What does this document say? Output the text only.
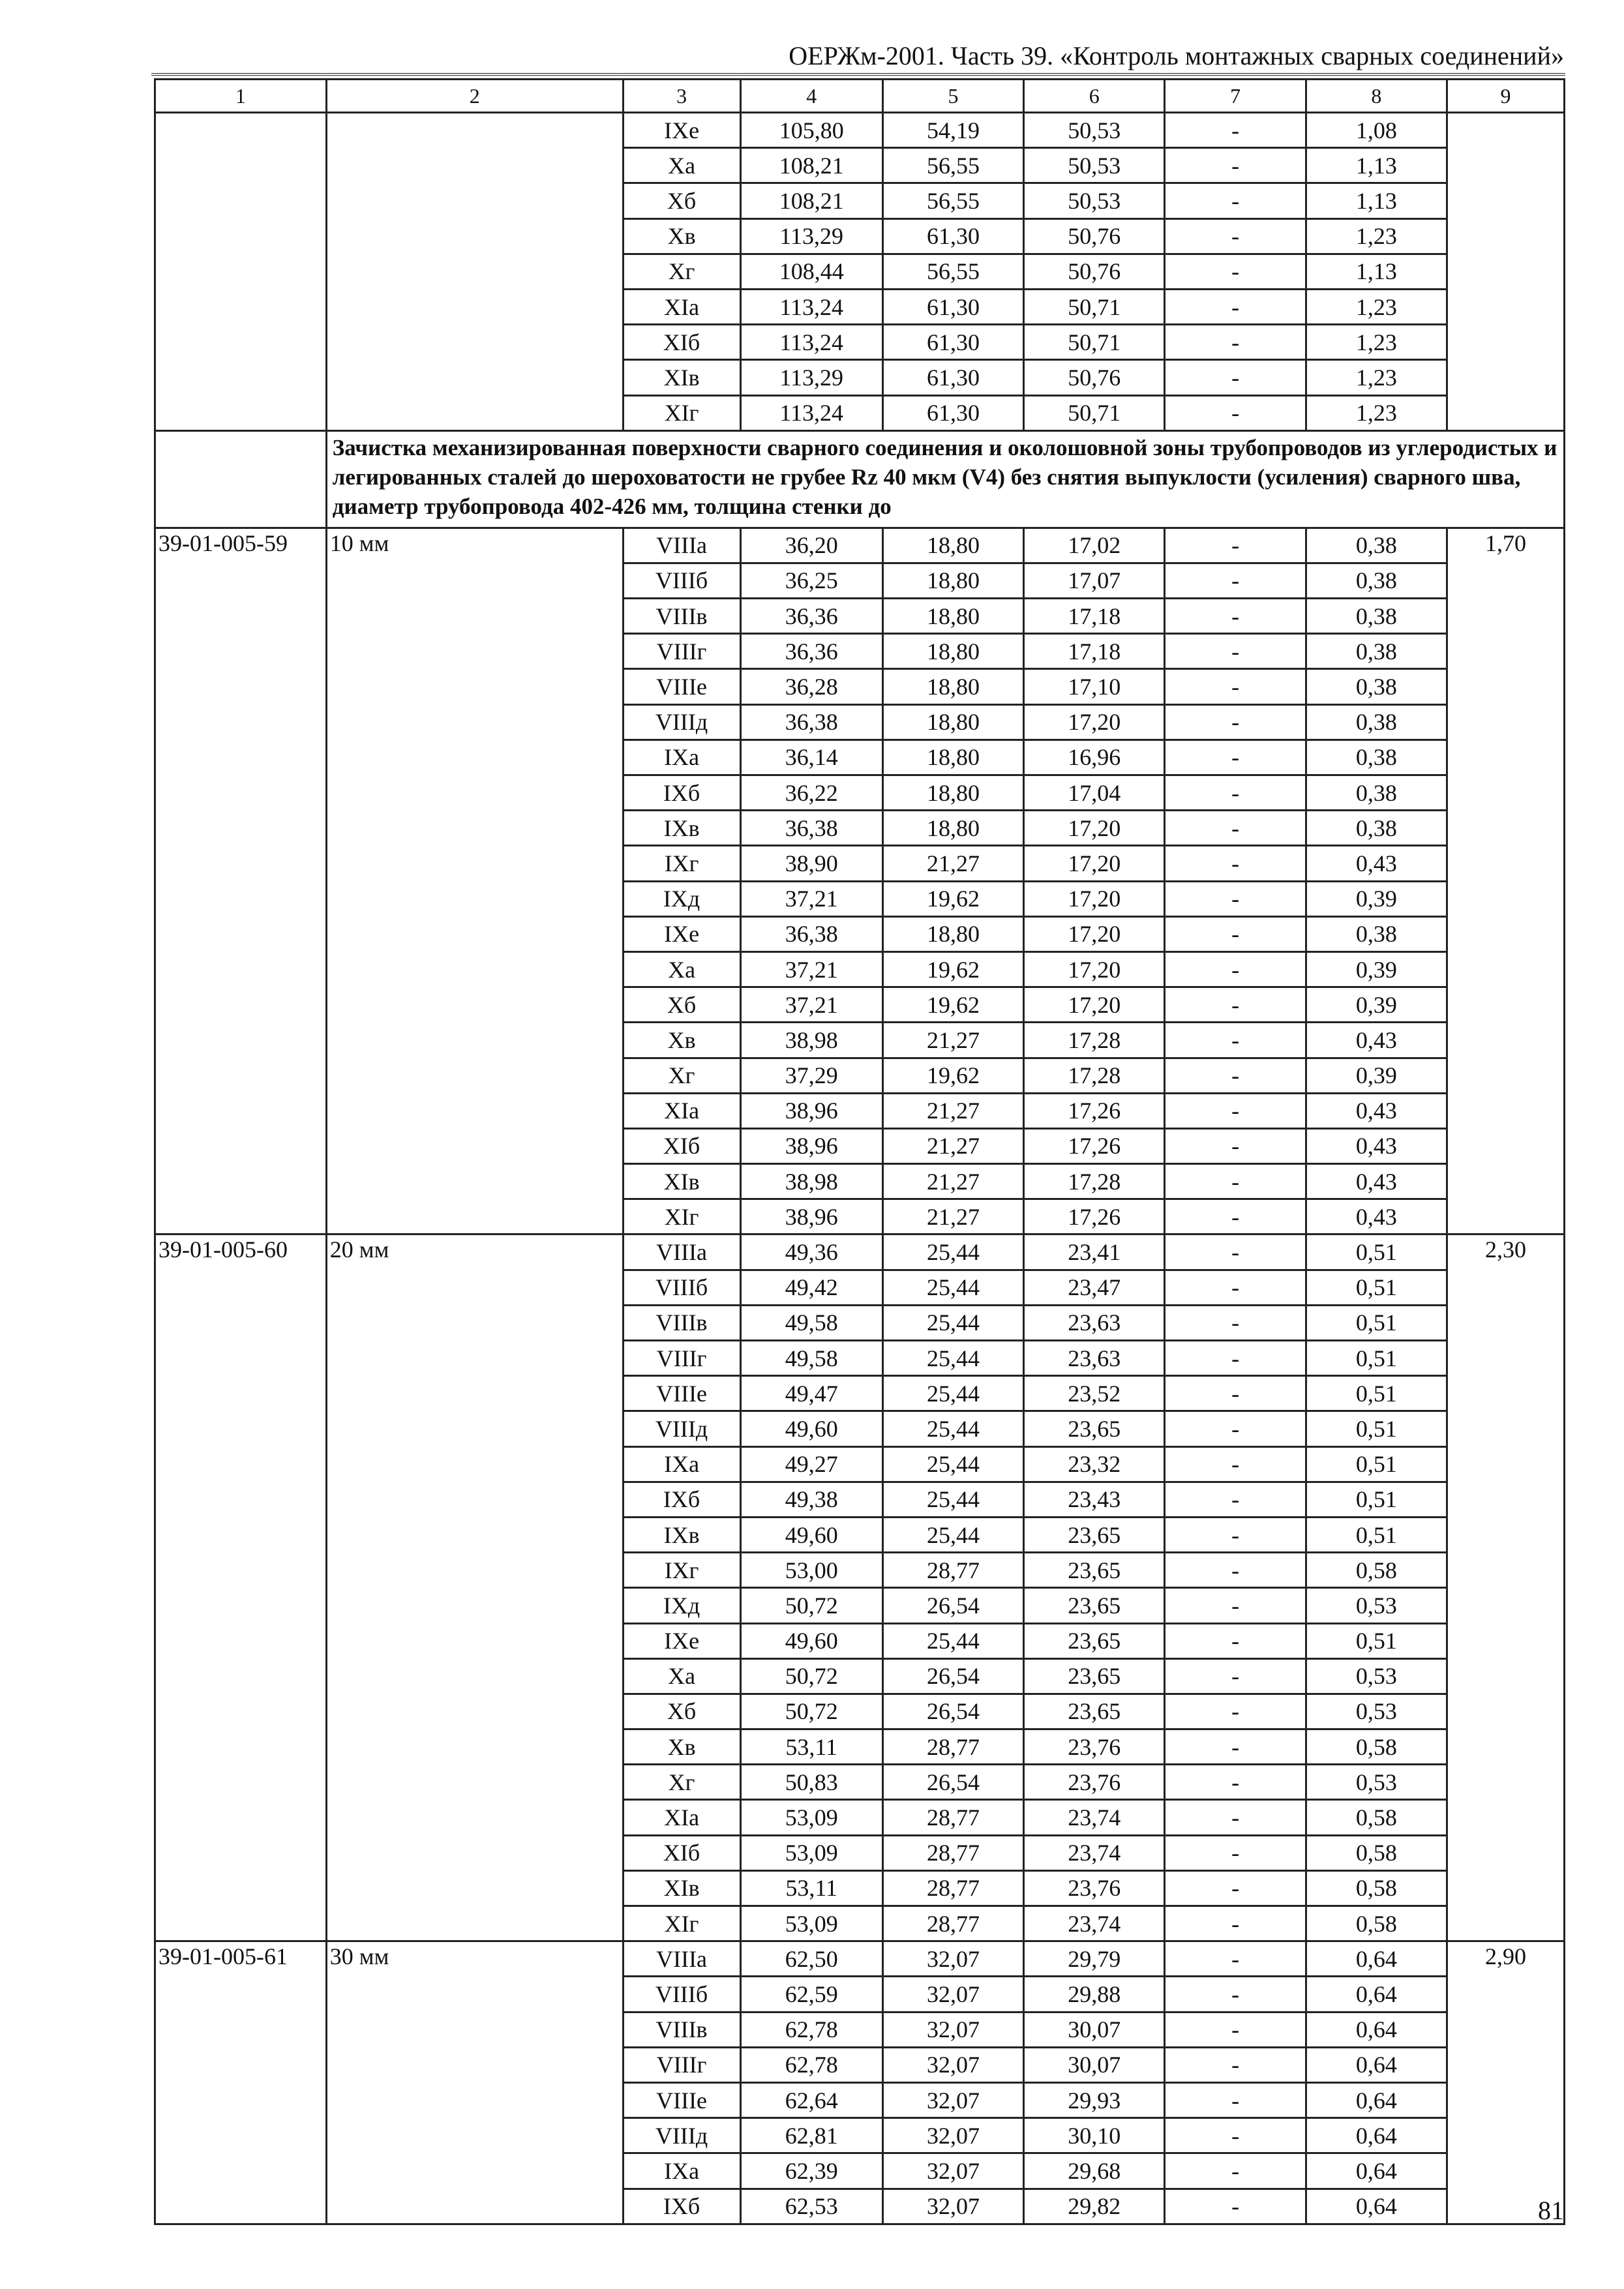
ОЕРЖм-2001. Часть 39. «Контроль монтажных сварных соединений»
1	2	3	4	5	6	7	8	9
		IXе	105,80	54,19	50,53	-	1,08	
		Xа	108,21	56,55	50,53	-	1,13	
		Xб	108,21	56,55	50,53	-	1,13	
		Xв	113,29	61,30	50,76	-	1,23	
		Xг	108,44	56,55	50,76	-	1,13	
		XIа	113,24	61,30	50,71	-	1,23	
		XIб	113,24	61,30	50,71	-	1,23	
		XIв	113,29	61,30	50,76	-	1,23	
		XIг	113,24	61,30	50,71	-	1,23	
	Зачистка механизированная поверхности сварного соединения и околошовной зоны трубопроводов из углеродистых и легированных сталей до шероховатости не грубее Rz 40 мкм (V4) без снятия выпуклости (усиления) сварного шва, диаметр трубопровода 402-426 мм, толщина стенки до							
39-01-005-59	10 мм	VIIIа	36,20	18,80	17,02	-	0,38	1,70
		VIIIб	36,25	18,80	17,07	-	0,38	
		VIIIв	36,36	18,80	17,18	-	0,38	
		VIIIг	36,36	18,80	17,18	-	0,38	
		VIIIе	36,28	18,80	17,10	-	0,38	
		VIIIд	36,38	18,80	17,20	-	0,38	
		IXа	36,14	18,80	16,96	-	0,38	
		IXб	36,22	18,80	17,04	-	0,38	
		IXв	36,38	18,80	17,20	-	0,38	
		IXг	38,90	21,27	17,20	-	0,43	
		IXд	37,21	19,62	17,20	-	0,39	
		IXе	36,38	18,80	17,20	-	0,38	
		Xа	37,21	19,62	17,20	-	0,39	
		Xб	37,21	19,62	17,20	-	0,39	
		Xв	38,98	21,27	17,28	-	0,43	
		Xг	37,29	19,62	17,28	-	0,39	
		XIа	38,96	21,27	17,26	-	0,43	
		XIб	38,96	21,27	17,26	-	0,43	
		XIв	38,98	21,27	17,28	-	0,43	
		XIг	38,96	21,27	17,26	-	0,43	
39-01-005-60	20 мм	VIIIа	49,36	25,44	23,41	-	0,51	2,30
		VIIIб	49,42	25,44	23,47	-	0,51	
		VIIIв	49,58	25,44	23,63	-	0,51	
		VIIIг	49,58	25,44	23,63	-	0,51	
		VIIIе	49,47	25,44	23,52	-	0,51	
		VIIIд	49,60	25,44	23,65	-	0,51	
		IXа	49,27	25,44	23,32	-	0,51	
		IXб	49,38	25,44	23,43	-	0,51	
		IXв	49,60	25,44	23,65	-	0,51	
		IXг	53,00	28,77	23,65	-	0,58	
		IXд	50,72	26,54	23,65	-	0,53	
		IXе	49,60	25,44	23,65	-	0,51	
		Xа	50,72	26,54	23,65	-	0,53	
		Xб	50,72	26,54	23,65	-	0,53	
		Xв	53,11	28,77	23,76	-	0,58	
		Xг	50,83	26,54	23,76	-	0,53	
		XIа	53,09	28,77	23,74	-	0,58	
		XIб	53,09	28,77	23,74	-	0,58	
		XIв	53,11	28,77	23,76	-	0,58	
		XIг	53,09	28,77	23,74	-	0,58	
39-01-005-61	30 мм	VIIIа	62,50	32,07	29,79	-	0,64	2,90
		VIIIб	62,59	32,07	29,88	-	0,64	
		VIIIв	62,78	32,07	30,07	-	0,64	
		VIIIг	62,78	32,07	30,07	-	0,64	
		VIIIе	62,64	32,07	29,93	-	0,64	
		VIIIд	62,81	32,07	30,10	-	0,64	
		IXа	62,39	32,07	29,68	-	0,64	
		IXб	62,53	32,07	29,82	-	0,64		81
